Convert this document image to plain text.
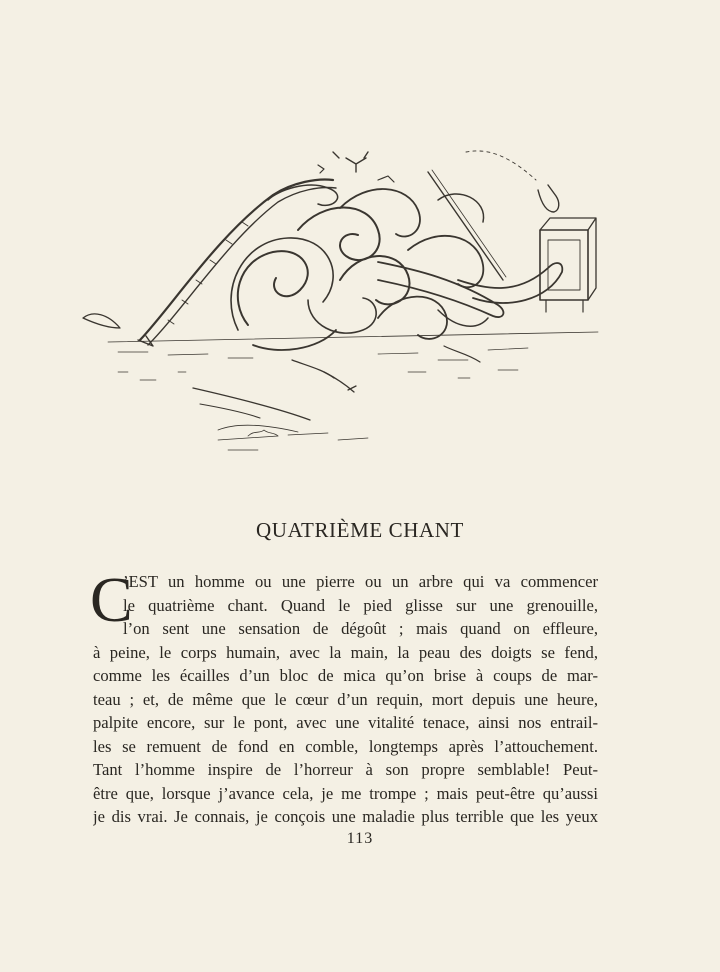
QUATRIÈME CHANT
C
’EST un homme ou une pierre ou un arbre qui va commencer
le quatrième chant. Quand le pied glisse sur une grenouille,
l’on sent une sensation de dégoût ; mais quand on effleure,
à peine, le corps humain, avec la main, la peau des doigts se fend,
comme les écailles d’un bloc de mica qu’on brise à coups de mar-
teau ; et, de même que le cœur d’un requin, mort depuis une heure,
palpite encore, sur le pont, avec une vitalité tenace, ainsi nos entrail-
les se remuent de fond en comble, longtemps après l’attouchement.
Tant l’homme inspire de l’horreur à son propre semblable! Peut-
être que, lorsque j’avance cela, je me trompe ; mais peut-être qu’aussi
je dis vrai. Je connais, je conçois une maladie plus terrible que les yeux
113
